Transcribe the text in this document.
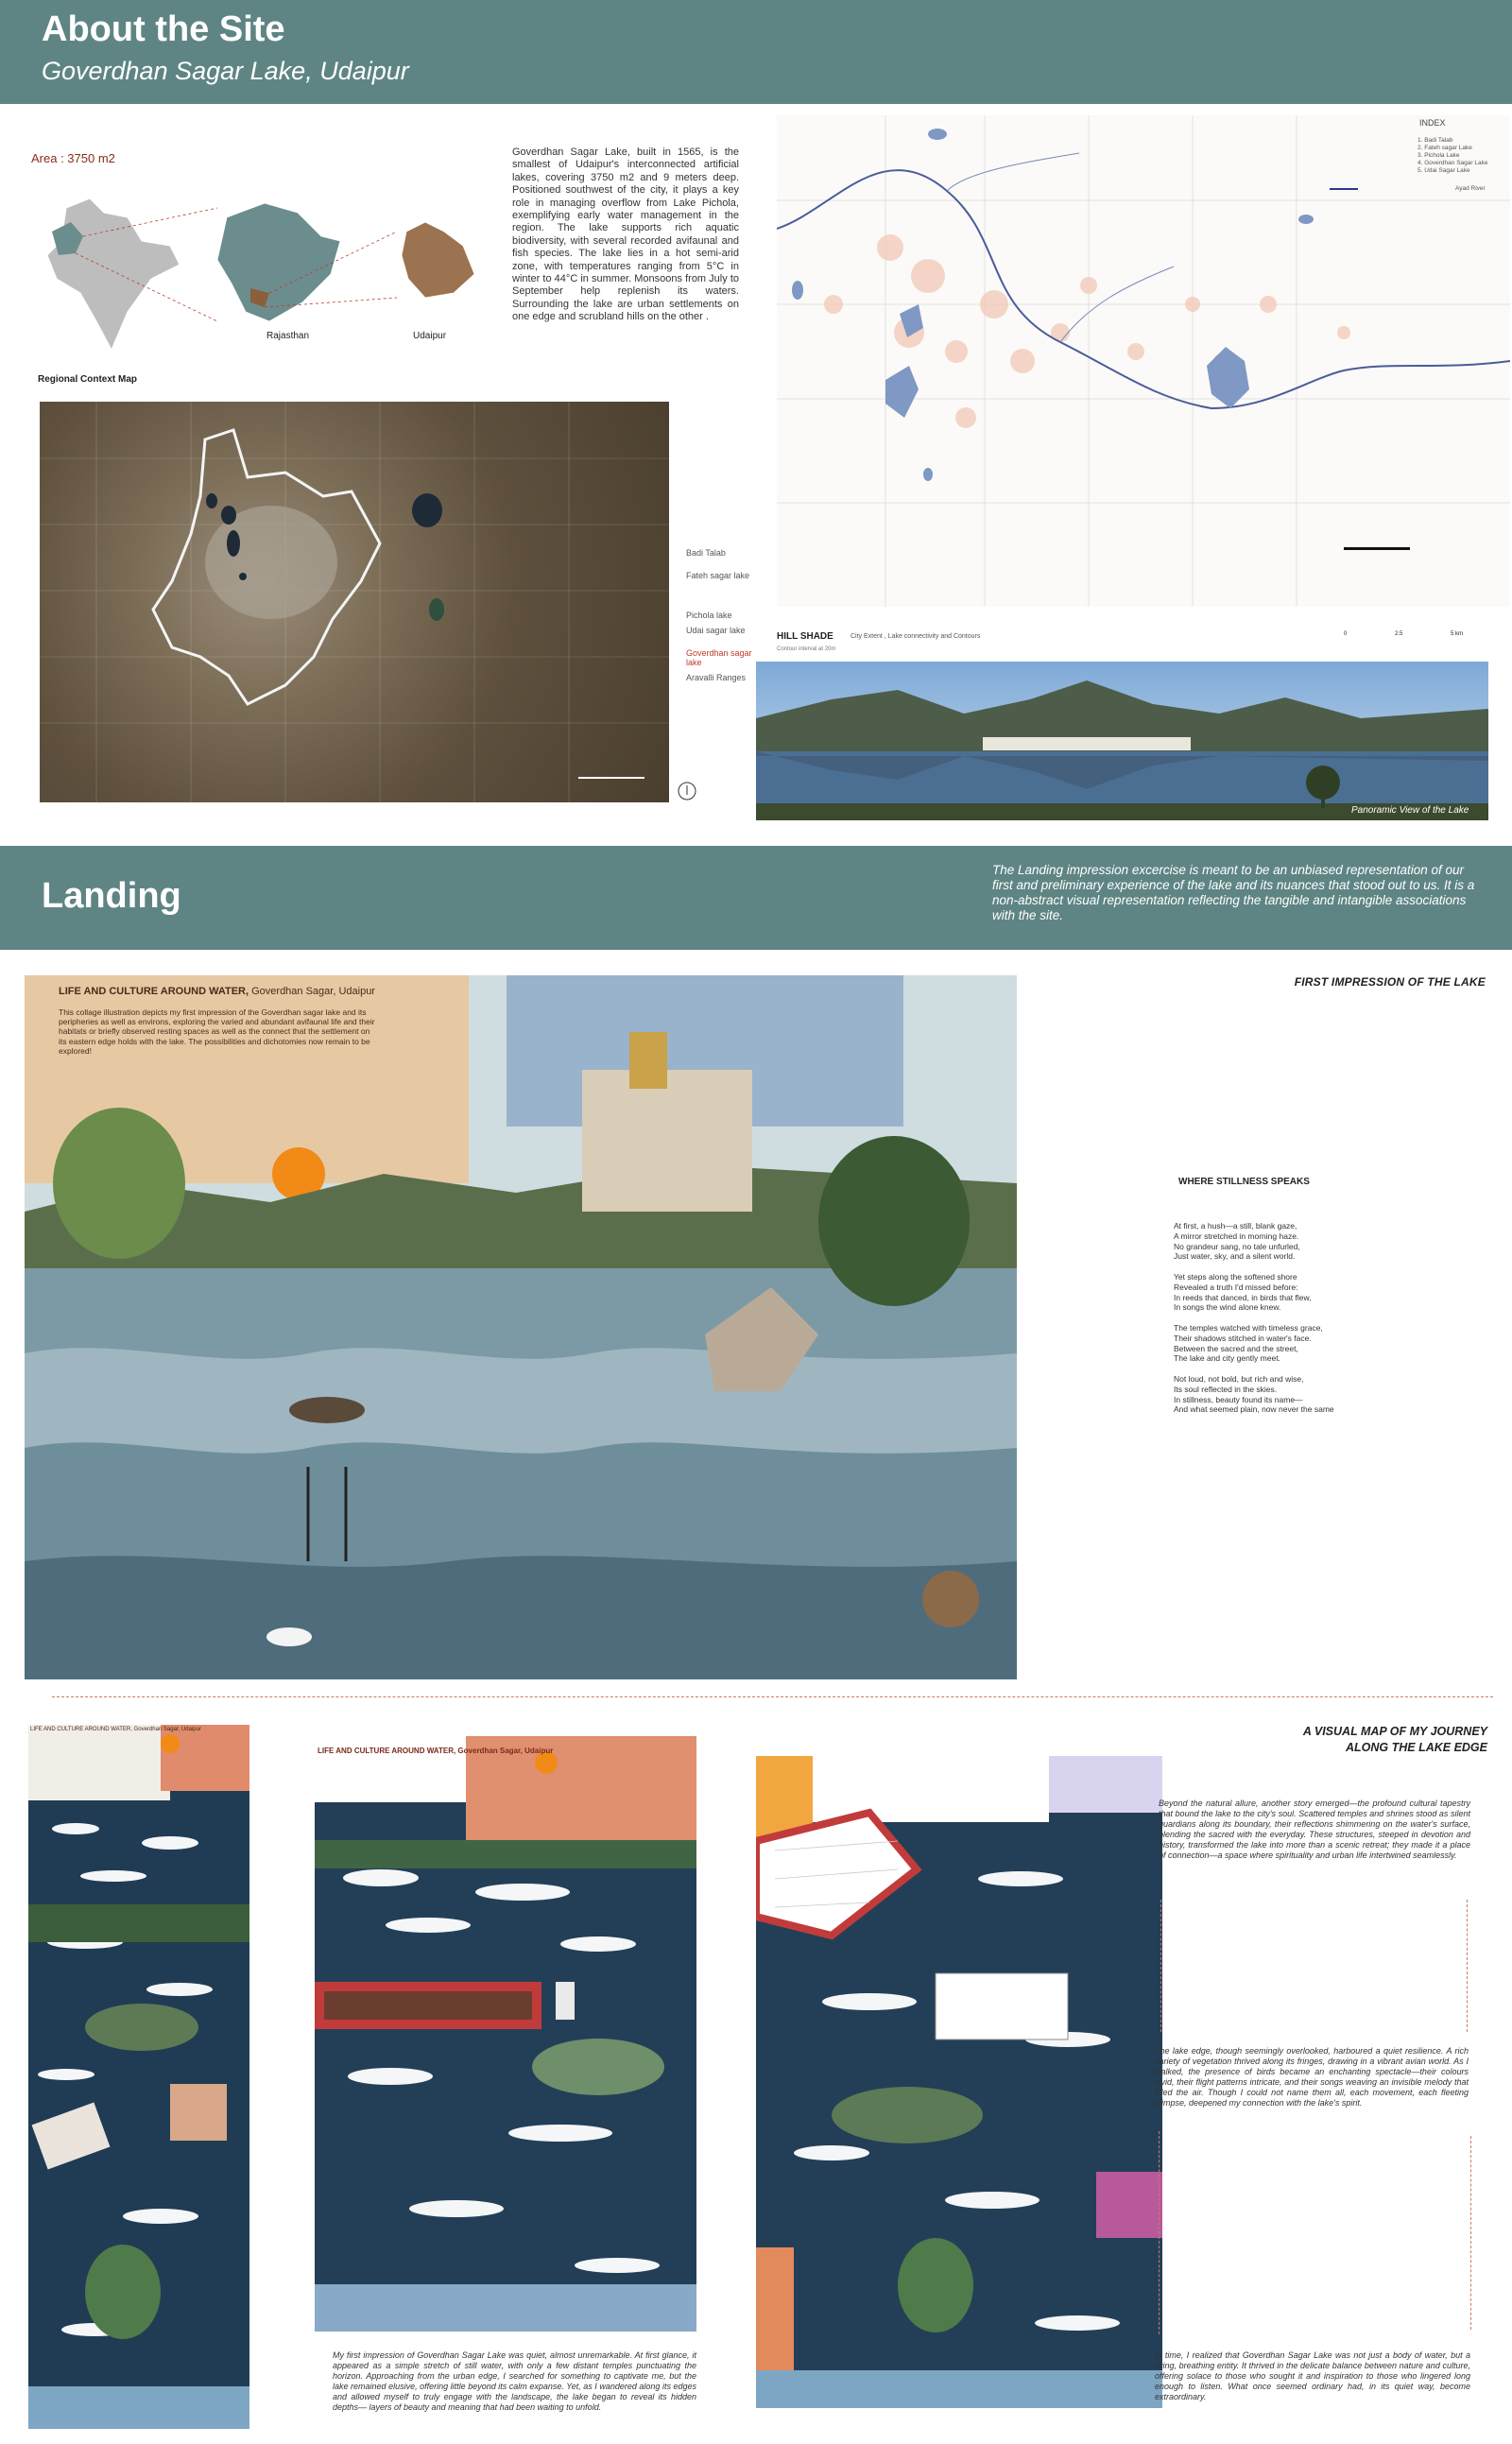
About the Site
Goverdhan Sagar Lake, Udaipur
Area : 3750 m2
Rajasthan	Udaipur
Goverdhan Sagar Lake, built in 1565, is the smallest of Udaipur's interconnected artificial lakes, covering 3750 m2 and 9 meters deep. Positioned southwest of the city, it plays a key role in managing overflow from Lake Pichola, exemplifying early water management in the region. The lake supports rich aquatic biodiversity, with several recorded avifaunal and fish species. The lake lies in a hot semi-arid zone, with temperatures ranging from 5°C in winter to 44°C in summer. Monsoons from July to September help replenish its waters. Surrounding the lake are urban settlements on one edge and scrubland hills on the other .
Regional Context Map
Badi Talab
Fateh sagar lake
Pichola lake
Udai sagar lake
Goverdhan sagar lake
Aravalli Ranges
INDEX
1. Badi Talab
2. Fateh sagar Lake
3. Pichola Lake
4. Goverdhan Sagar Lake
5. Udai Sagar Lake
Ayad River
HILL SHADE	City Extent , Lake connectivity and Contours
Contour interval at 20m
0	2.5	5 km
Panoramic View of the Lake
Landing
The Landing impression excercise is meant to be an unbiased representation of our first and preliminary experience of the lake and its nuances that stood out to us. It is a non-abstract visual representation reflecting the tangible and intangible associations with the site.
LIFE AND CULTURE AROUND WATER, Goverdhan Sagar, Udaipur
This collage illustration depicts my first impression of the Goverdhan sagar lake and its peripheries as well as environs, exploring the varied and abundant avifaunal life and their habitats or briefly observed resting spaces as well as the connect that the settlement on its eastern edge holds with the lake. The possibilities and dichotomies now remain to be explored!
FIRST IMPRESSION OF THE LAKE
WHERE STILLNESS SPEAKS

At first, a hush—a still, blank gaze,
A mirror stretched in morning haze.
No grandeur sang, no tale unfurled,
Just water, sky, and a silent world.

Yet steps along the softened shore
Revealed a truth I'd missed before:
In reeds that danced, in birds that flew,
In songs the wind alone knew.

The temples watched with timeless grace,
Their shadows stitched in water's face.
Between the sacred and the street,
The lake and city gently meet.

Not loud, not bold, but rich and wise,
Its soul reflected in the skies.
In stillness, beauty found its name—
And what seemed plain, now never the same

A VISUAL MAP OF MY JOURNEY
ALONG THE LAKE EDGE
LIFE AND CULTURE AROUND WATER, Goverdhan Sagar, Udaipur
LIFE AND CULTURE AROUND WATER, Goverdhan Sagar, Udaipur
Beyond the natural allure, another story emerged—the profound cultural tapestry that bound the lake to the city's soul. Scattered temples and shrines stood as silent guardians along its boundary, their reflections shimmering on the water's surface, blending the sacred with the everyday. These structures, steeped in devotion and history, transformed the lake into more than a scenic retreat; they made it a place of connection—a space where spirituality and urban life intertwined seamlessly.
The lake edge, though seemingly overlooked, harboured a quiet resilience. A rich variety of vegetation thrived along its fringes, drawing in a vibrant avian world. As I walked, the presence of birds became an enchanting spectacle—their colours vivid, their flight patterns intricate, and their songs weaving an invisible melody that filled the air. Though I could not name them all, each movement, each fleeting glimpse, deepened my connection with the lake's spirit.
In time, I realized that Goverdhan Sagar Lake was not just a body of water, but a living, breathing entity. It thrived in the delicate balance between nature and culture, offering solace to those who sought it and inspiration to those who lingered long enough to listen. What once seemed ordinary had, in its quiet way, become extraordinary.
My first impression of Goverdhan Sagar Lake was quiet, almost unremarkable. At first glance, it appeared as a simple stretch of still water, with only a few distant temples punctuating the horizon. Approaching from the urban edge, I searched for something to captivate me, but the lake remained elusive, offering little beyond its calm expanse. Yet, as I wandered along its edges and allowed myself to truly engage with the landscape, the lake began to reveal its hidden depths— layers of beauty and meaning that had been waiting to unfold.
